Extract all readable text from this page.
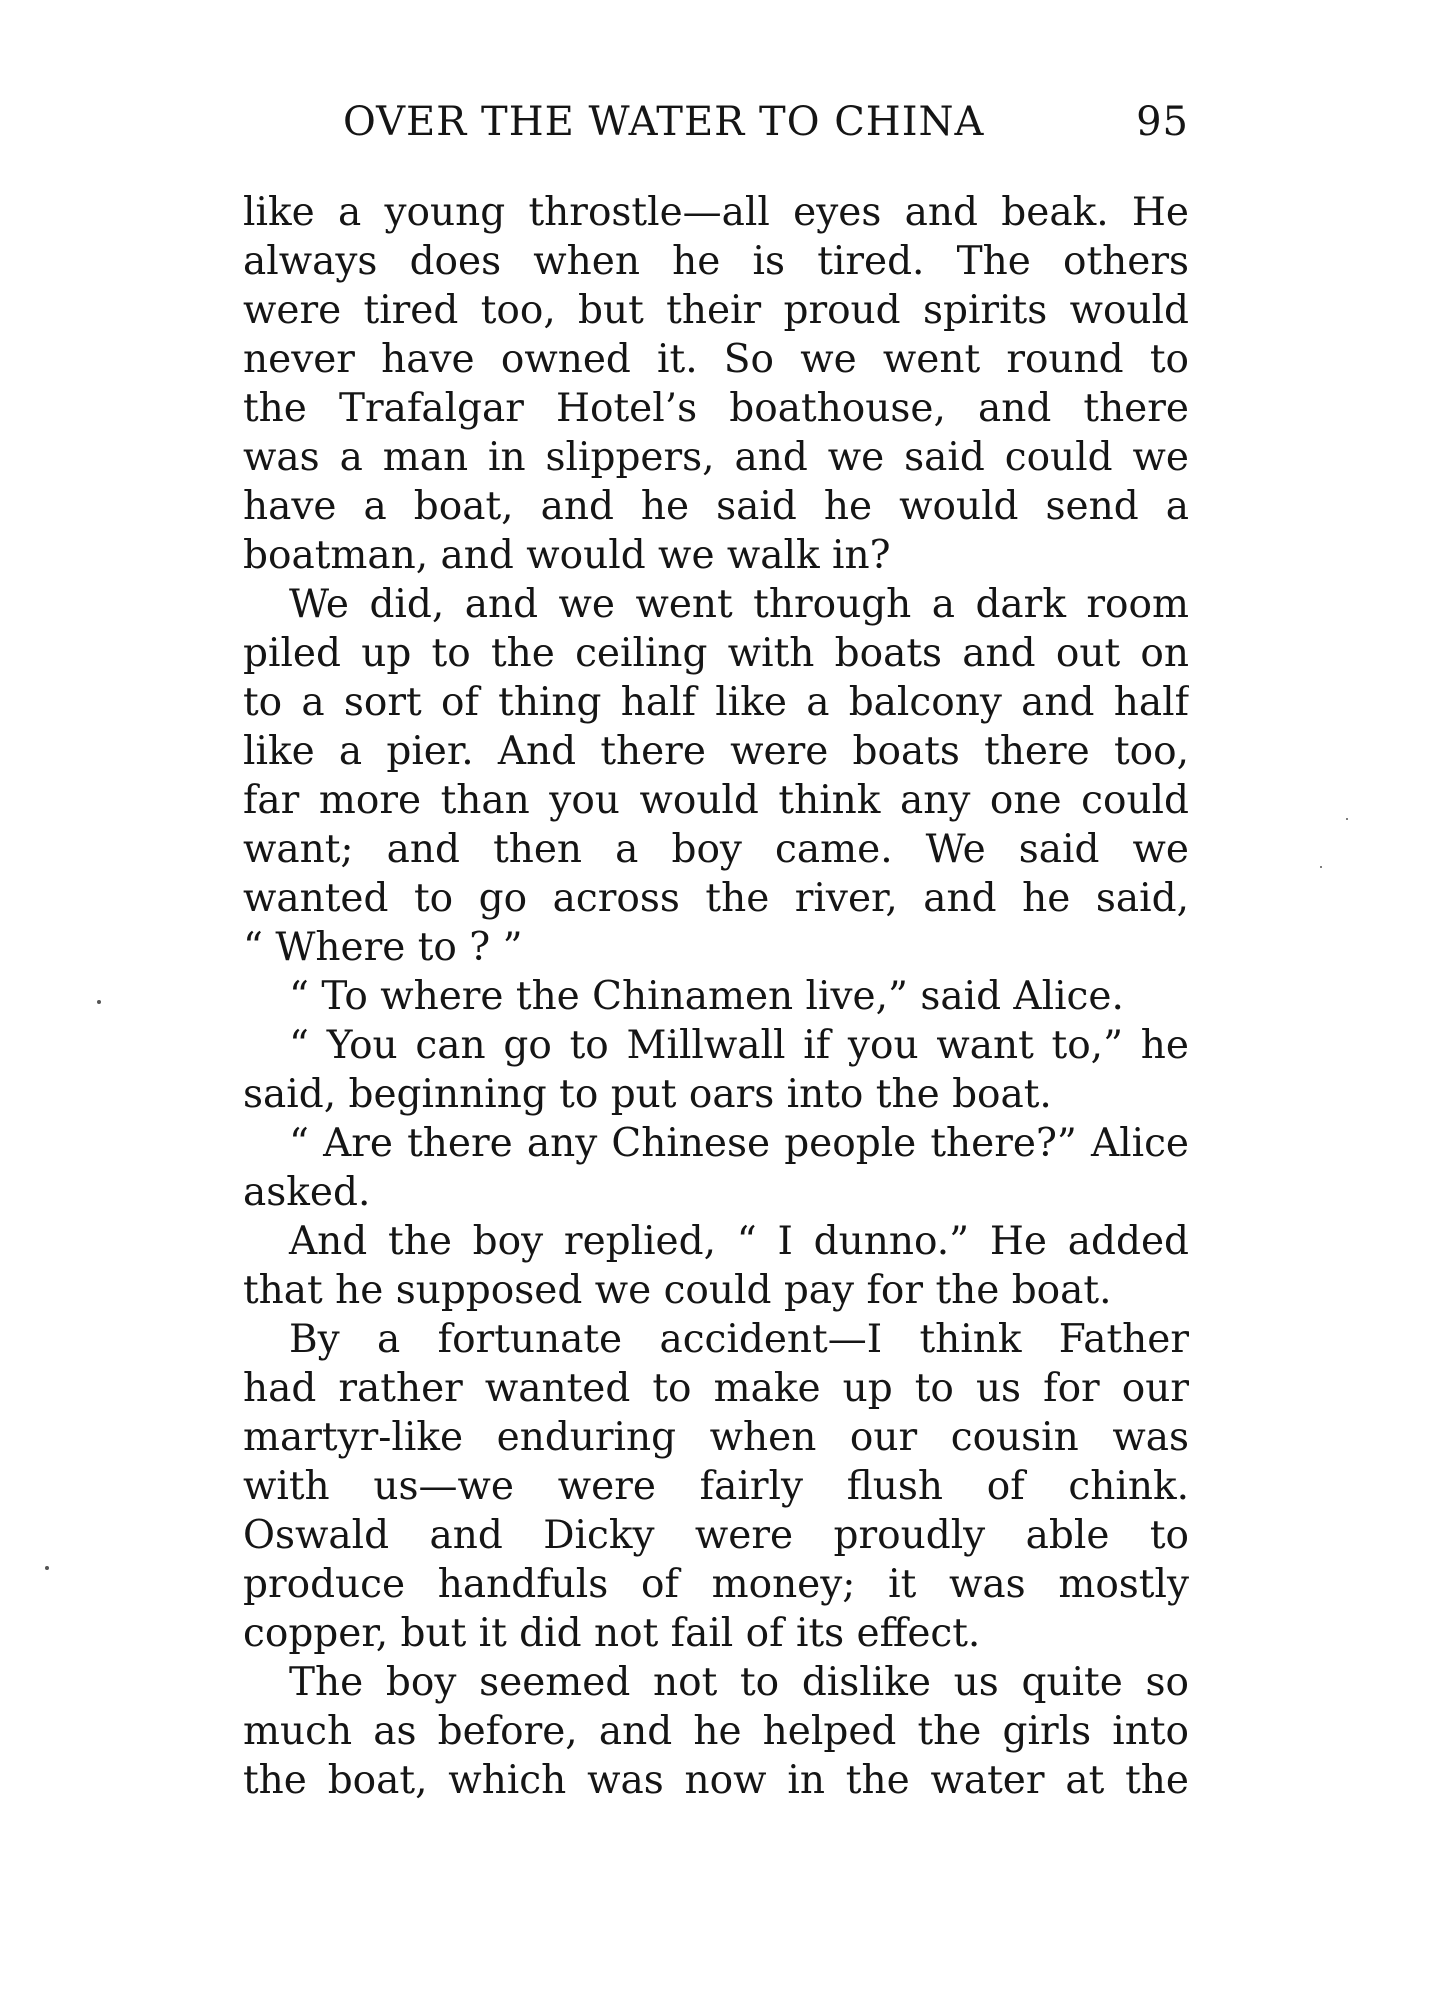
OVER THE WATER TO CHINA	95
like a young throstle—all eyes and beak. He
always does when he is tired. The others
were tired too, but their proud spirits would
never have owned it. So we went round to
the Trafalgar Hotel’s boathouse, and there
was a man in slippers, and we said could we
have a boat, and he said he would send a
boatman, and would we walk in?
We did, and we went through a dark room
piled up to the ceiling with boats and out on
to a sort of thing half like a balcony and half
like a pier. And there were boats there too,
far more than you would think any one could
want; and then a boy came. We said we
wanted to go across the river, and he said,
“ Where to ? ”
“ To where the Chinamen live,” said Alice.
“ You can go to Millwall if you want to,” he
said, beginning to put oars into the boat.
“ Are there any Chinese people there?” Alice
asked.
And the boy replied, “ I dunno.” He added
that he supposed we could pay for the boat.
By a fortunate accident—I think Father
had rather wanted to make up to us for our
martyr-like enduring when our cousin was
with us—we were fairly flush of chink.
Oswald and Dicky were proudly able to
produce handfuls of money; it was mostly
copper, but it did not fail of its effect.
The boy seemed not to dislike us quite so
much as before, and he helped the girls into
the boat, which was now in the water at the
